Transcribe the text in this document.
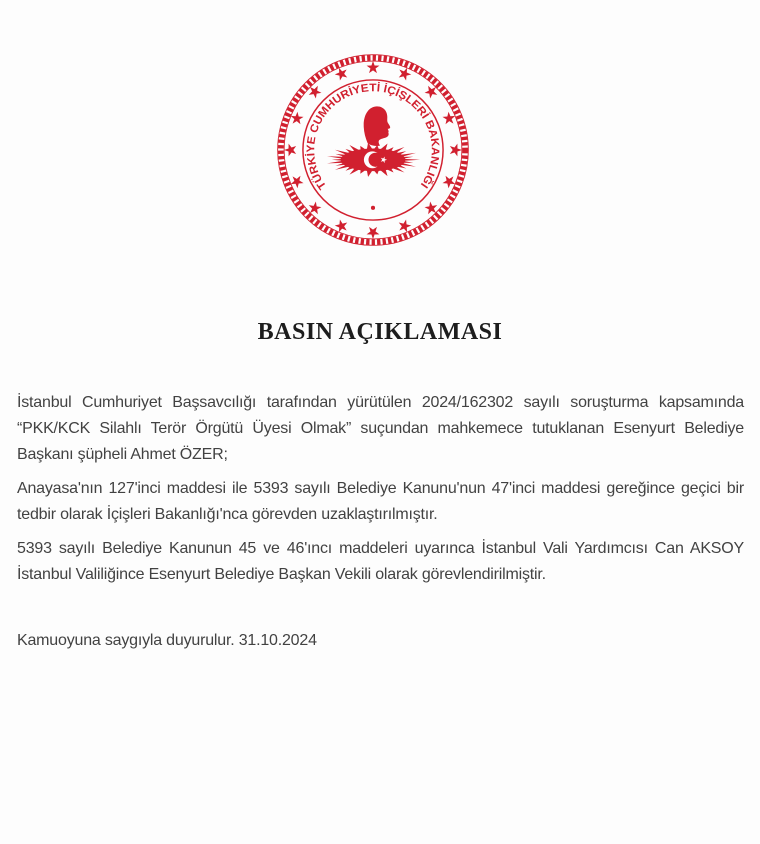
TÜRKİYE CUMHURİYETİ İÇİŞLERİ BAKANLIĞI
BASIN AÇIKLAMASI

İstanbul Cumhuriyet Başsavcılığı tarafından yürütülen 2024/162302 sayılı soruşturma kapsamında “PKK/KCK Silahlı Terör Örgütü Üyesi Olmak” suçundan mahkemece tutuklanan Esenyurt Belediye Başkanı şüpheli Ahmet ÖZER;

Anayasa'nın 127'inci maddesi ile 5393 sayılı Belediye Kanunu'nun 47'inci maddesi gereğince geçici bir tedbir olarak İçişleri Bakanlığı'nca görevden uzaklaştırılmıştır.

5393 sayılı Belediye Kanunun 45 ve 46'ıncı maddeleri uyarınca İstanbul Vali Yardımcısı Can AKSOY İstanbul Valiliğince Esenyurt Belediye Başkan Vekili olarak görevlendirilmiştir.

Kamuoyuna saygıyla duyurulur. 31.10.2024
